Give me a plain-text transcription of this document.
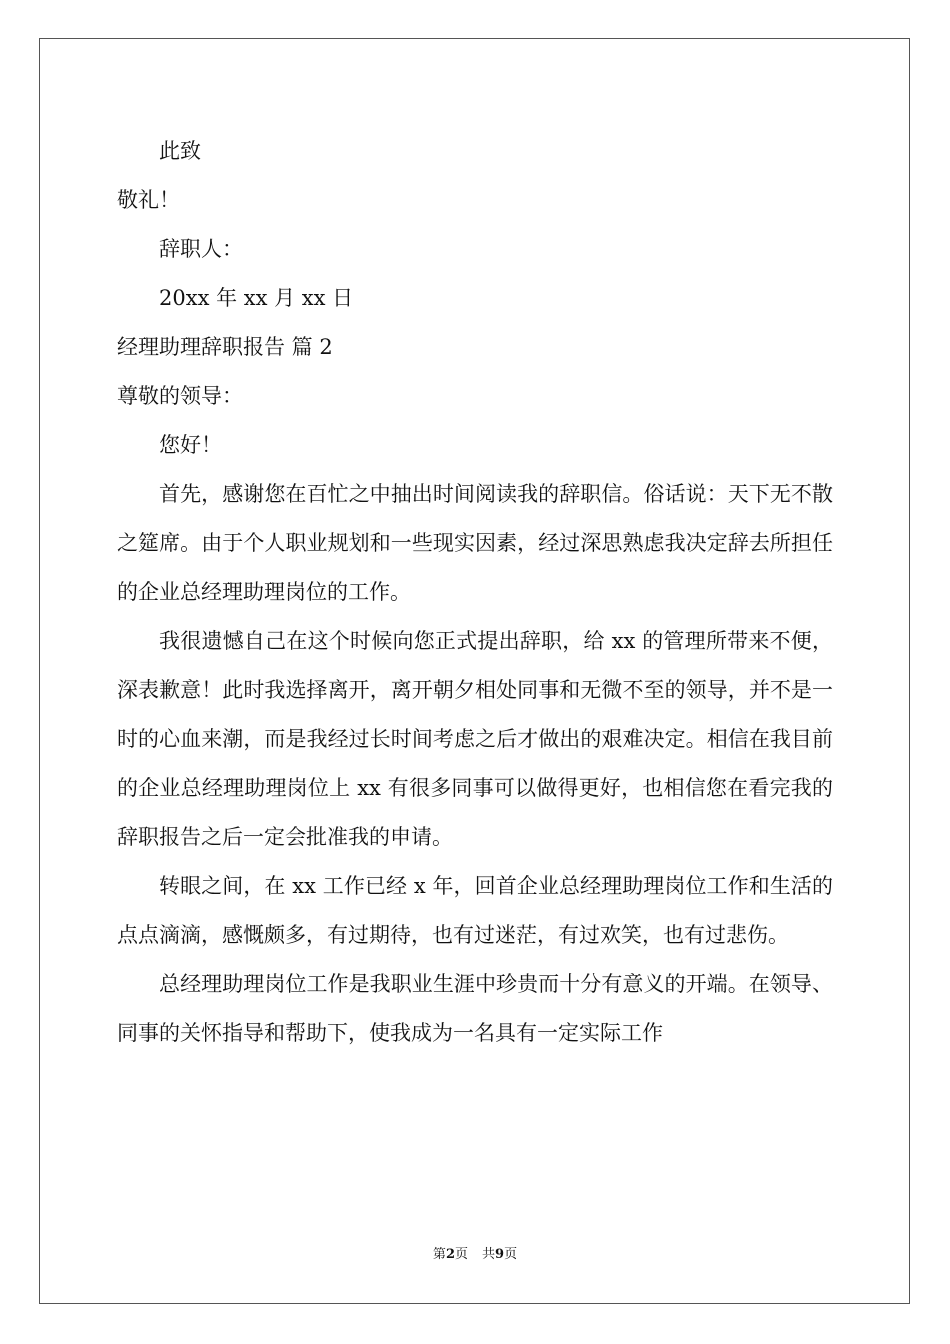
此致
敬礼！
辞职人：
20xx 年 xx 月 xx 日
经理助理辞职报告 篇 2
尊敬的领导：
您好！

首先，感谢您在百忙之中抽出时间阅读我的辞职信。俗话说：天下无不散之筵席。由于个人职业规划和一些现实因素，经过深思熟虑我决定辞去所担任的企业总经理助理岗位的工作。

我很遗憾自己在这个时候向您正式提出辞职，给 xx 的管理所带来不便，深表歉意！此时我选择离开，离开朝夕相处同事和无微不至的领导，并不是一时的心血来潮，而是我经过长时间考虑之后才做出的艰难决定。相信在我目前的企业总经理助理岗位上 xx 有很多同事可以做得更好，也相信您在看完我的辞职报告之后一定会批准我的申请。

转眼之间，在 xx 工作已经 x 年，回首企业总经理助理岗位工作和生活的点点滴滴，感慨颇多，有过期待，也有过迷茫，有过欢笑，也有过悲伤。

总经理助理岗位工作是我职业生涯中珍贵而十分有意义的开端。在领导、同事的关怀指导和帮助下，使我成为一名具有一定实际工作

第2页 共9页
